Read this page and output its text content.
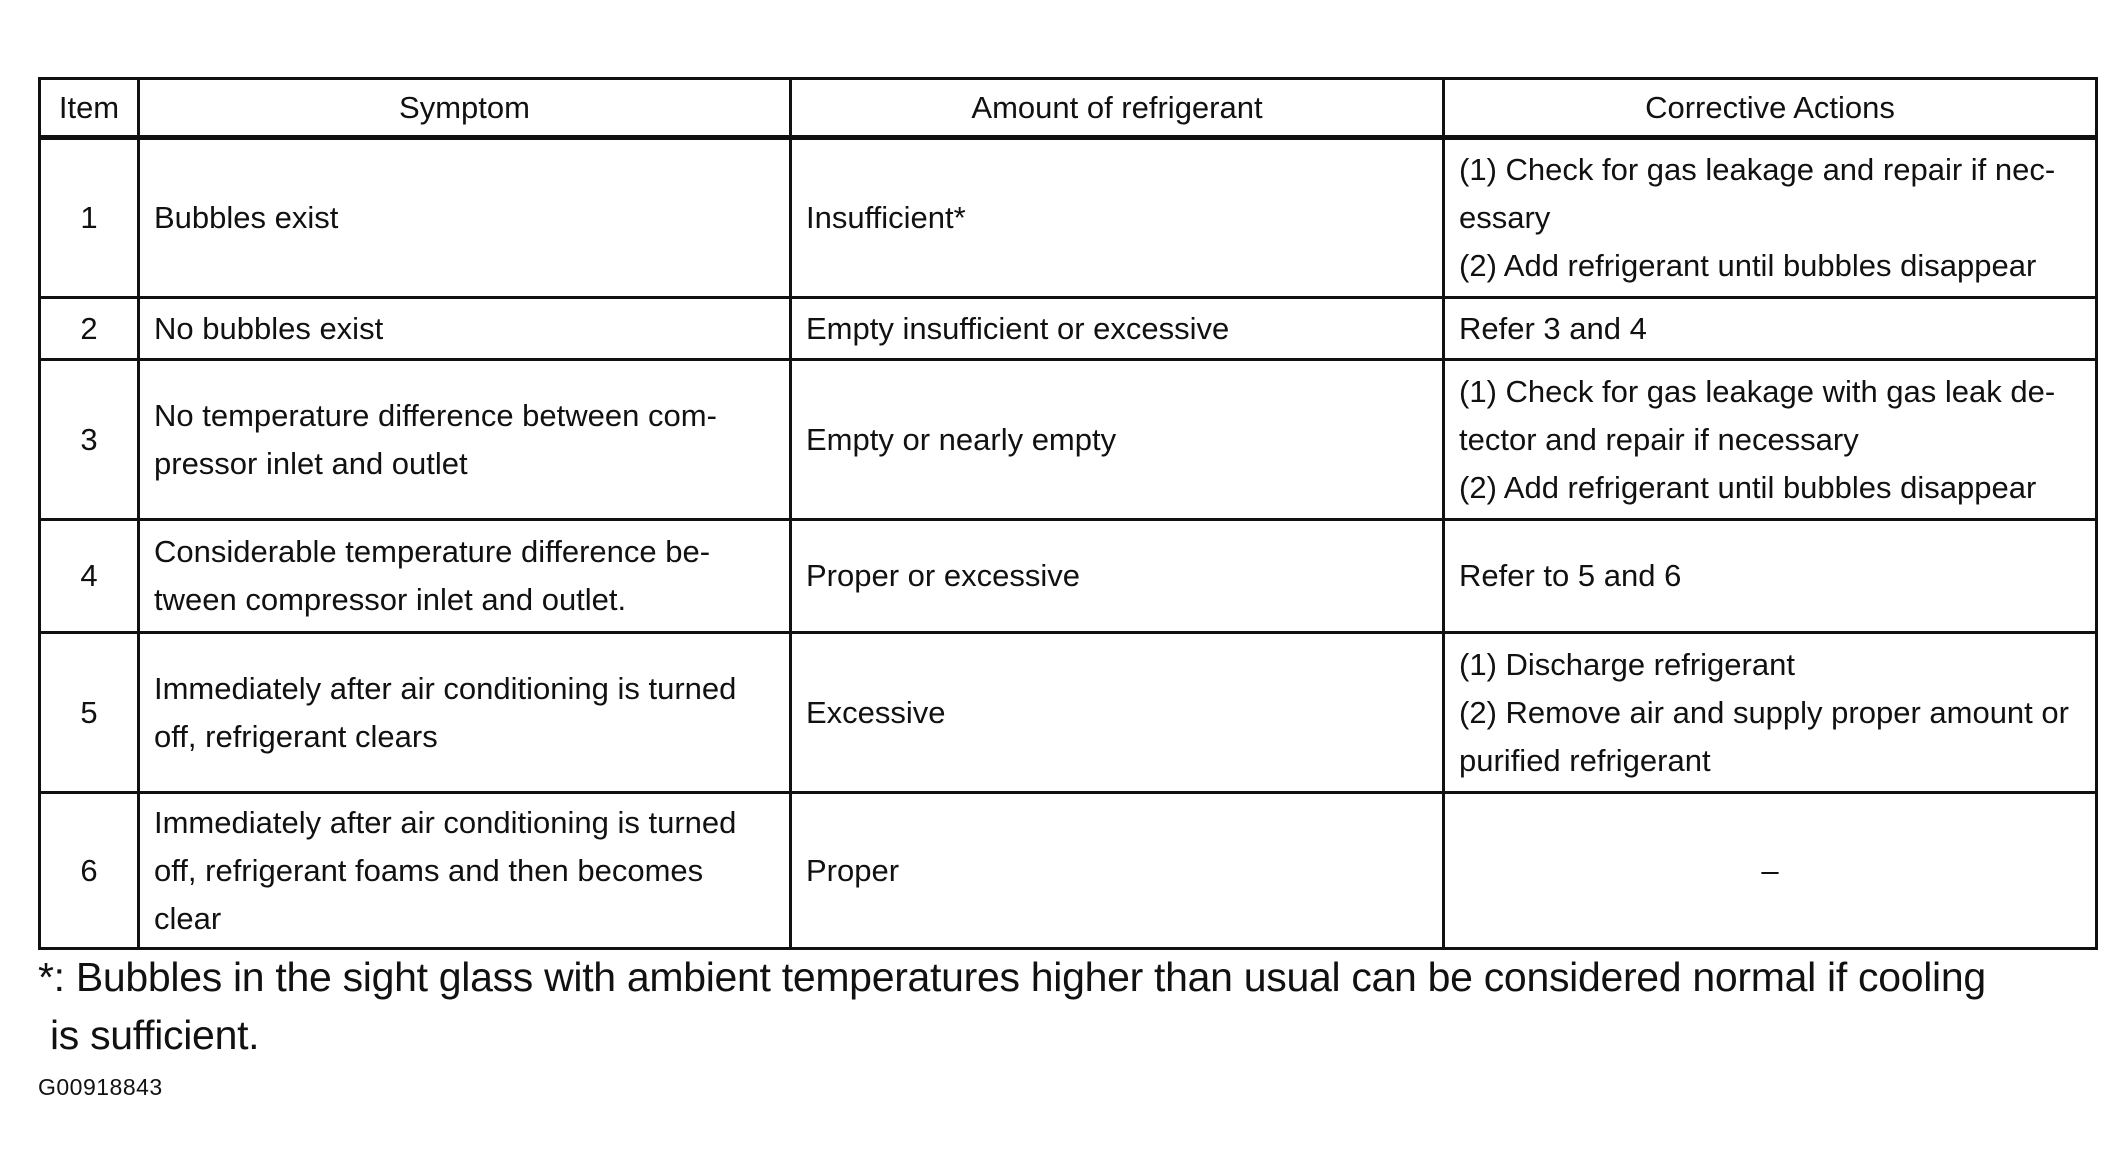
Item	Symptom	Amount of refrigerant	Corrective Actions
1	Bubbles exist	Insufficient*	(1) Check for gas leakage and repair if nec-
essary
(2) Add refrigerant until bubbles disappear

2	No bubbles exist	Empty insufficient or excessive	Refer 3 and 4

3	No temperature difference between com-
pressor inlet and outlet	Empty or nearly empty	(1) Check for gas leakage with gas leak de-
tector and repair if necessary
(2) Add refrigerant until bubbles disappear

4	Considerable temperature difference be-
tween compressor inlet and outlet.	Proper or excessive	Refer to 5 and 6

5	Immediately after air conditioning is turned
off, refrigerant clears	Excessive	(1) Discharge refrigerant
(2) Remove air and supply proper amount or
purified refrigerant

6	Immediately after air conditioning is turned
off, refrigerant foams and then becomes
clear	Proper	–
*: Bubbles in the sight glass with ambient temperatures higher than usual can be considered normal if cooling
is sufficient.
G00918843
